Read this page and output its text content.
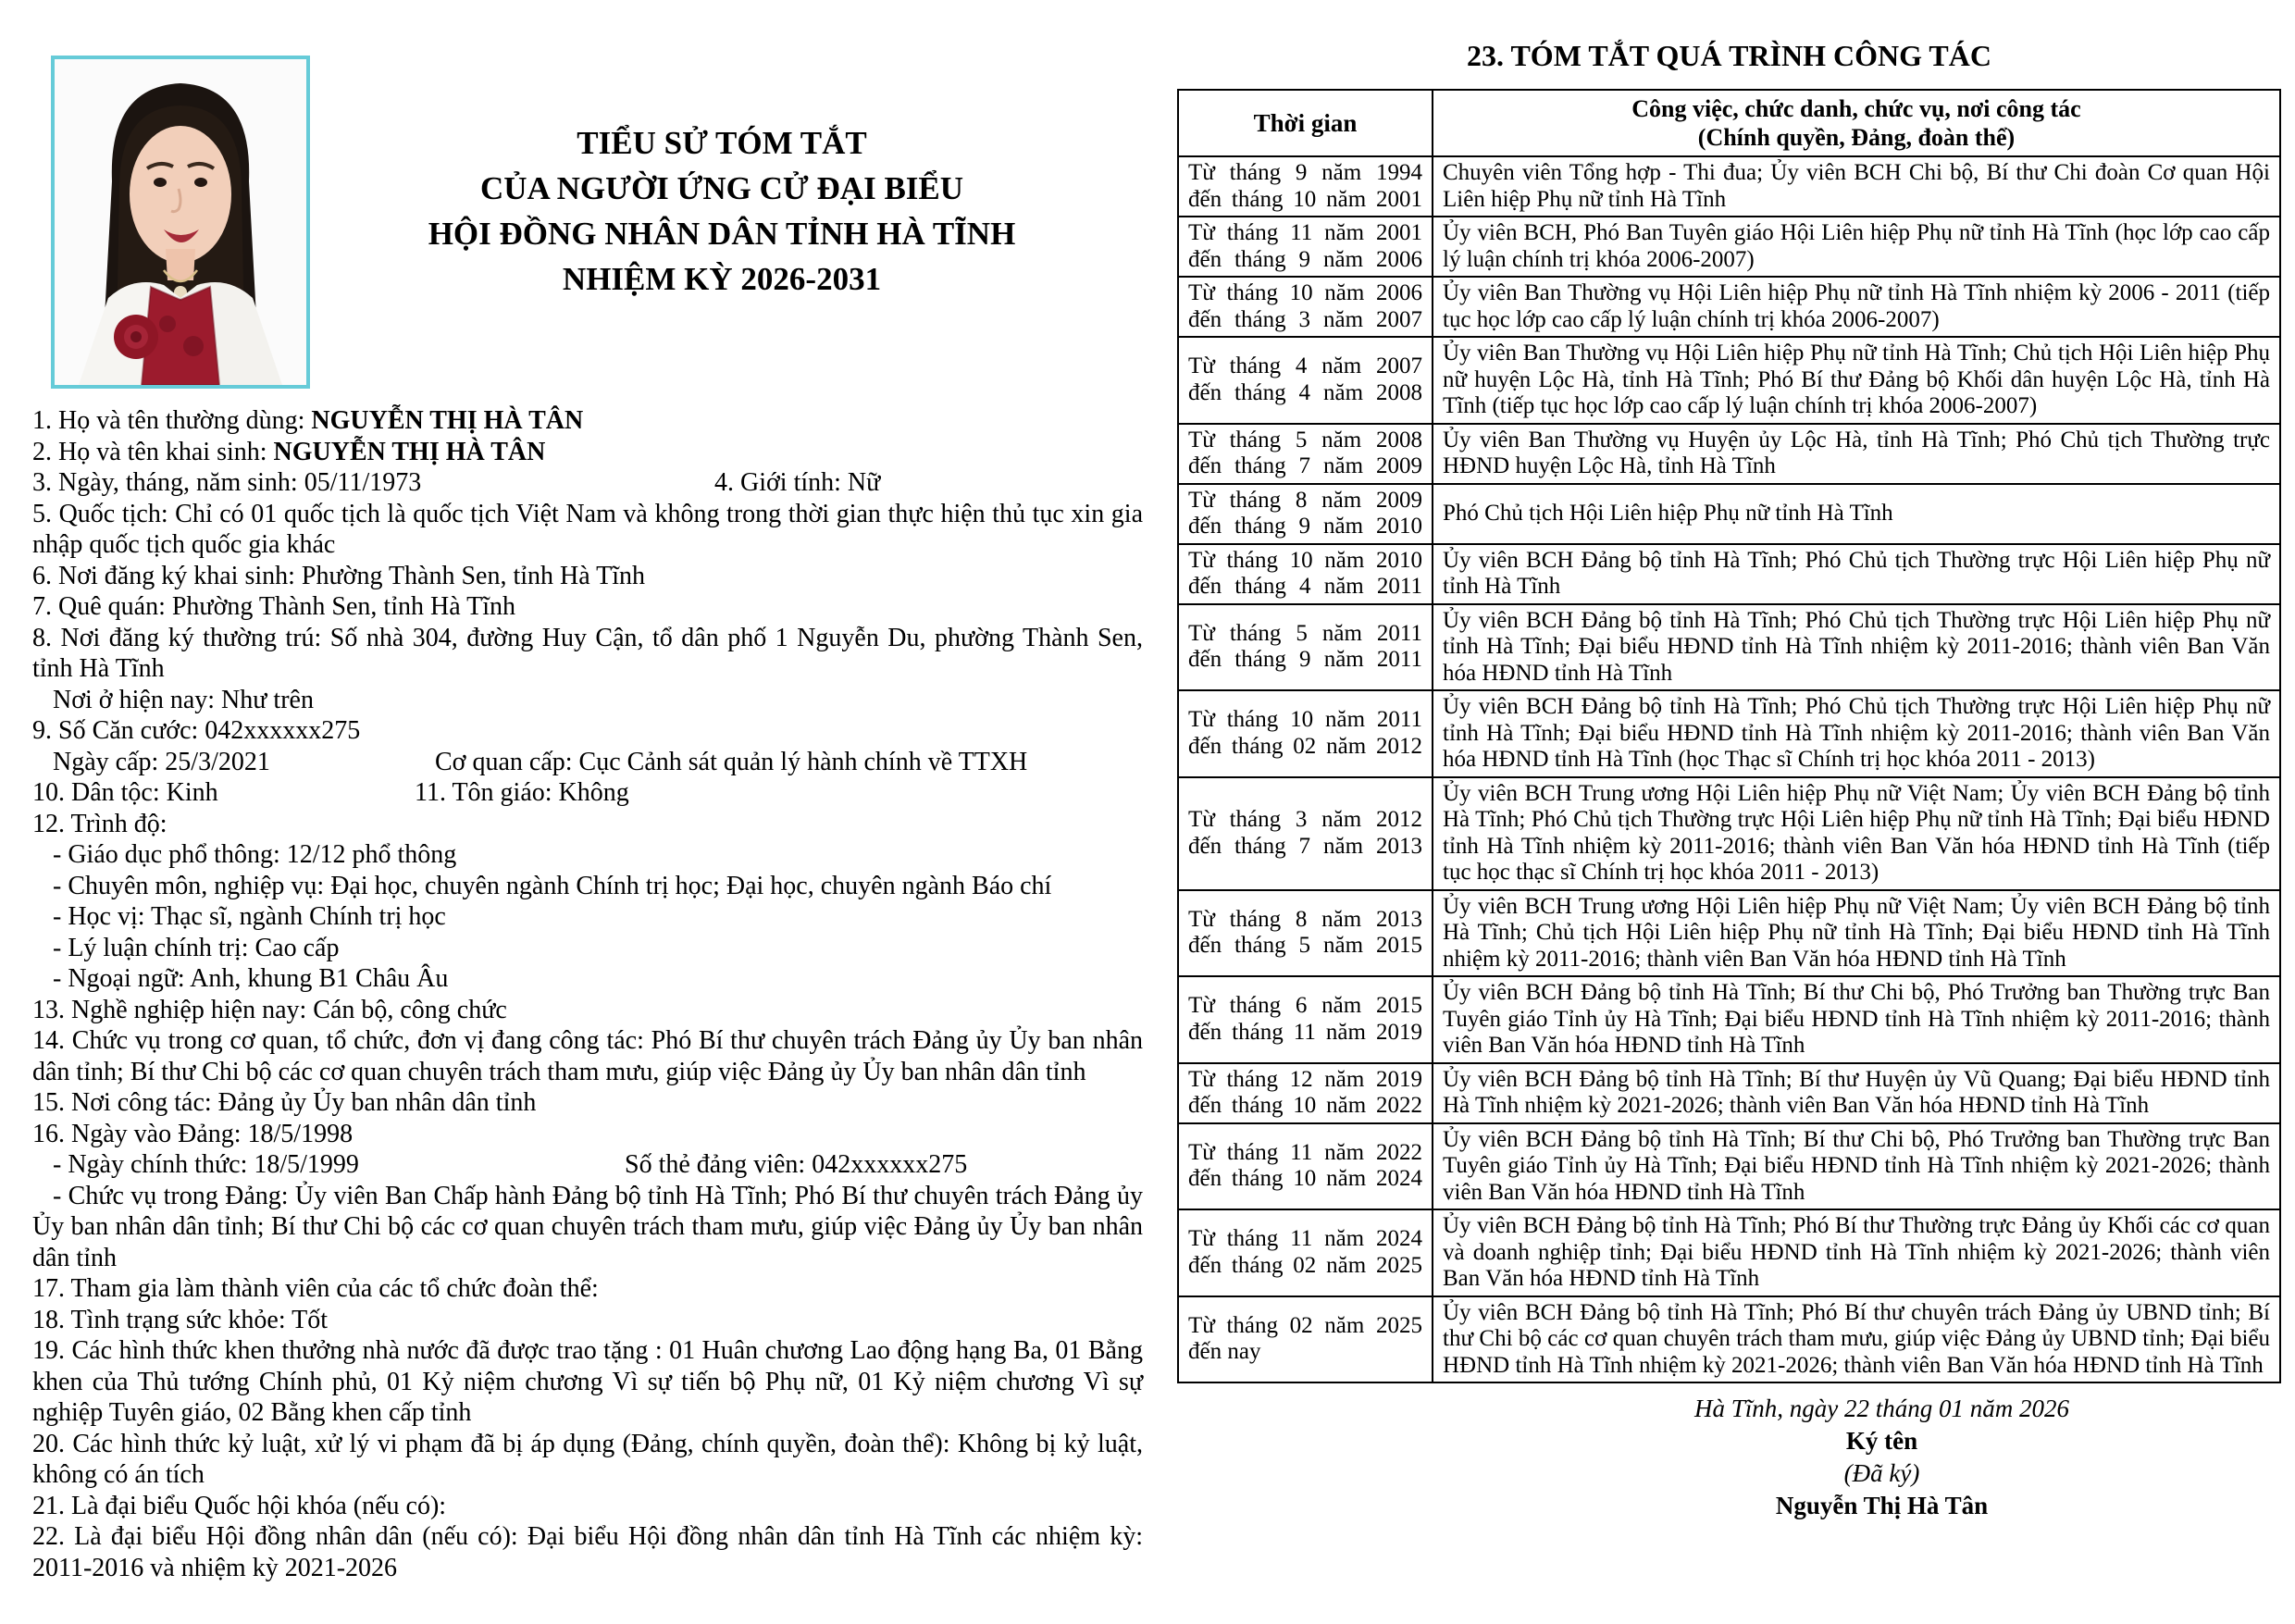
TIỂU SỬ TÓM TẮT
CỦA NGƯỜI ỨNG CỬ ĐẠI BIỂU
HỘI ĐỒNG NHÂN DÂN TỈNH HÀ TĨNH
NHIỆM KỲ 2026-2031
1. Họ và tên thường dùng: NGUYỄN THỊ HÀ TÂN
2. Họ và tên khai sinh: NGUYỄN THỊ HÀ TÂN
3. Ngày, tháng, năm sinh: 05/11/1973	4. Giới tính: Nữ
5. Quốc tịch: Chỉ có 01 quốc tịch là quốc tịch Việt Nam và không trong thời gian thực hiện thủ tục xin gia nhập quốc tịch quốc gia khác
6. Nơi đăng ký khai sinh: Phường Thành Sen, tỉnh Hà Tĩnh
7. Quê quán: Phường Thành Sen, tỉnh Hà Tĩnh
8. Nơi đăng ký thường trú: Số nhà 304, đường Huy Cận, tổ dân phố 1 Nguyễn Du, phường Thành Sen, tỉnh Hà Tĩnh
Nơi ở hiện nay: Như trên
9. Số Căn cước: 042xxxxxx275
Ngày cấp: 25/3/2021	Cơ quan cấp: Cục Cảnh sát quản lý hành chính về TTXH
10. Dân tộc: Kinh	11. Tôn giáo: Không
12. Trình độ:
- Giáo dục phổ thông: 12/12 phổ thông
- Chuyên môn, nghiệp vụ: Đại học, chuyên ngành Chính trị học; Đại học, chuyên ngành Báo chí
- Học vị: Thạc sĩ, ngành Chính trị học
- Lý luận chính trị: Cao cấp
- Ngoại ngữ: Anh, khung B1 Châu Âu
13. Nghề nghiệp hiện nay: Cán bộ, công chức
14. Chức vụ trong cơ quan, tổ chức, đơn vị đang công tác: Phó Bí thư chuyên trách Đảng ủy Ủy ban nhân dân tỉnh; Bí thư Chi bộ các cơ quan chuyên trách tham mưu, giúp việc Đảng ủy Ủy ban nhân dân tỉnh
15. Nơi công tác: Đảng ủy Ủy ban nhân dân tỉnh
16. Ngày vào Đảng: 18/5/1998
- Ngày chính thức: 18/5/1999	Số thẻ đảng viên: 042xxxxxx275
- Chức vụ trong Đảng: Ủy viên Ban Chấp hành Đảng bộ tỉnh Hà Tĩnh; Phó Bí thư chuyên trách Đảng ủy Ủy ban nhân dân tỉnh; Bí thư Chi bộ các cơ quan chuyên trách tham mưu, giúp việc Đảng ủy Ủy ban nhân dân tỉnh
17. Tham gia làm thành viên của các tổ chức đoàn thể:
18. Tình trạng sức khỏe: Tốt
19. Các hình thức khen thưởng nhà nước đã được trao tặng : 01 Huân chương Lao động hạng Ba, 01 Bằng khen của Thủ tướng Chính phủ, 01 Kỷ niệm chương Vì sự tiến bộ Phụ nữ, 01 Kỷ niệm chương Vì sự nghiệp Tuyên giáo, 02 Bằng khen cấp tỉnh
20. Các hình thức kỷ luật, xử lý vi phạm đã bị áp dụng (Đảng, chính quyền, đoàn thể): Không bị kỷ luật, không có án tích
21. Là đại biểu Quốc hội khóa (nếu có):
22. Là đại biểu Hội đồng nhân dân (nếu có): Đại biểu Hội đồng nhân dân tỉnh Hà Tĩnh các nhiệm kỳ: 2011-2016 và nhiệm kỳ 2021-2026
23. TÓM TẮT QUÁ TRÌNH CÔNG TÁC
Thời gian	Công việc, chức danh, chức vụ, nơi công tác
(Chính quyền, Đảng, đoàn thể)

Từ tháng 9 năm 1994
đến tháng 10 năm 2001	Chuyên viên Tổng hợp - Thi đua; Ủy viên BCH Chi bộ, Bí thư Chi đoàn Cơ quan Hội Liên hiệp Phụ nữ tỉnh Hà Tĩnh

Từ tháng 11 năm 2001
đến tháng 9 năm 2006	Ủy viên BCH, Phó Ban Tuyên giáo Hội Liên hiệp Phụ nữ tỉnh Hà Tĩnh (học lớp cao cấp lý luận chính trị khóa 2006-2007)

Từ tháng 10 năm 2006
đến tháng 3 năm 2007	Ủy viên Ban Thường vụ Hội Liên hiệp Phụ nữ tỉnh Hà Tĩnh nhiệm kỳ 2006 - 2011 (tiếp tục học lớp cao cấp lý luận chính trị khóa 2006-2007)

Từ tháng 4 năm 2007
đến tháng 4 năm 2008	Ủy viên Ban Thường vụ Hội Liên hiệp Phụ nữ tỉnh Hà Tĩnh; Chủ tịch Hội Liên hiệp Phụ nữ huyện Lộc Hà, tỉnh Hà Tĩnh; Phó Bí thư Đảng bộ Khối dân huyện Lộc Hà, tỉnh Hà Tĩnh (tiếp tục học lớp cao cấp lý luận chính trị khóa 2006-2007)

Từ tháng 5 năm 2008
đến tháng 7 năm 2009	Ủy viên Ban Thường vụ Huyện ủy Lộc Hà, tỉnh Hà Tĩnh; Phó Chủ tịch Thường trực HĐND huyện Lộc Hà, tỉnh Hà Tĩnh

Từ tháng 8 năm 2009
đến tháng 9 năm 2010	Phó Chủ tịch Hội Liên hiệp Phụ nữ tỉnh Hà Tĩnh

Từ tháng 10 năm 2010
đến tháng 4 năm 2011	Ủy viên BCH Đảng bộ tỉnh Hà Tĩnh; Phó Chủ tịch Thường trực Hội Liên hiệp Phụ nữ tỉnh Hà Tĩnh

Từ tháng 5 năm 2011
đến tháng 9 năm 2011	Ủy viên BCH Đảng bộ tỉnh Hà Tĩnh; Phó Chủ tịch Thường trực Hội Liên hiệp Phụ nữ tỉnh Hà Tĩnh; Đại biểu HĐND tỉnh Hà Tĩnh nhiệm kỳ 2011-2016; thành viên Ban Văn hóa HĐND tỉnh Hà Tĩnh

Từ tháng 10 năm 2011
đến tháng 02 năm 2012	Ủy viên BCH Đảng bộ tỉnh Hà Tĩnh; Phó Chủ tịch Thường trực Hội Liên hiệp Phụ nữ tỉnh Hà Tĩnh; Đại biểu HĐND tỉnh Hà Tĩnh nhiệm kỳ 2011-2016; thành viên Ban Văn hóa HĐND tỉnh Hà Tĩnh (học Thạc sĩ Chính trị học khóa 2011 - 2013)

Từ tháng 3 năm 2012
đến tháng 7 năm 2013	Ủy viên BCH Trung ương Hội Liên hiệp Phụ nữ Việt Nam; Ủy viên BCH Đảng bộ tỉnh Hà Tĩnh; Phó Chủ tịch Thường trực Hội Liên hiệp Phụ nữ tỉnh Hà Tĩnh; Đại biểu HĐND tỉnh Hà Tĩnh nhiệm kỳ 2011-2016; thành viên Ban Văn hóa HĐND tỉnh Hà Tĩnh (tiếp tục học thạc sĩ Chính trị học khóa 2011 - 2013)

Từ tháng 8 năm 2013
đến tháng 5 năm 2015	Ủy viên BCH Trung ương Hội Liên hiệp Phụ nữ Việt Nam; Ủy viên BCH Đảng bộ tỉnh Hà Tĩnh; Chủ tịch Hội Liên hiệp Phụ nữ tỉnh Hà Tĩnh; Đại biểu HĐND tỉnh Hà Tĩnh nhiệm kỳ 2011-2016; thành viên Ban Văn hóa HĐND tỉnh Hà Tĩnh

Từ tháng 6 năm 2015
đến tháng 11 năm 2019	Ủy viên BCH Đảng bộ tỉnh Hà Tĩnh; Bí thư Chi bộ, Phó Trưởng ban Thường trực Ban Tuyên giáo Tỉnh ủy Hà Tĩnh; Đại biểu HĐND tỉnh Hà Tĩnh nhiệm kỳ 2011-2016; thành viên Ban Văn hóa HĐND tỉnh Hà Tĩnh

Từ tháng 12 năm 2019
đến tháng 10 năm 2022	Ủy viên BCH Đảng bộ tỉnh Hà Tĩnh; Bí thư Huyện ủy Vũ Quang; Đại biểu HĐND tỉnh Hà Tĩnh nhiệm kỳ 2021-2026; thành viên Ban Văn hóa HĐND tỉnh Hà Tĩnh

Từ tháng 11 năm 2022
đến tháng 10 năm 2024	Ủy viên BCH Đảng bộ tỉnh Hà Tĩnh; Bí thư Chi bộ, Phó Trưởng ban Thường trực Ban Tuyên giáo Tỉnh ủy Hà Tĩnh; Đại biểu HĐND tỉnh Hà Tĩnh nhiệm kỳ 2021-2026; thành viên Ban Văn hóa HĐND tỉnh Hà Tĩnh

Từ tháng 11 năm 2024
đến tháng 02 năm 2025	Ủy viên BCH Đảng bộ tỉnh Hà Tĩnh; Phó Bí thư Thường trực Đảng ủy Khối các cơ quan và doanh nghiệp tỉnh; Đại biểu HĐND tỉnh Hà Tĩnh nhiệm kỳ 2021-2026; thành viên Ban Văn hóa HĐND tỉnh Hà Tĩnh

Từ tháng 02 năm 2025
đến nay	Ủy viên BCH Đảng bộ tỉnh Hà Tĩnh; Phó Bí thư chuyên trách Đảng ủy UBND tỉnh; Bí thư Chi bộ các cơ quan chuyên trách tham mưu, giúp việc Đảng ủy UBND tỉnh; Đại biểu HĐND tỉnh Hà Tĩnh nhiệm kỳ 2021-2026; thành viên Ban Văn hóa HĐND tỉnh Hà Tĩnh
Hà Tĩnh, ngày 22 tháng 01 năm 2026
Ký tên
(Đã ký)
Nguyễn Thị Hà Tân
